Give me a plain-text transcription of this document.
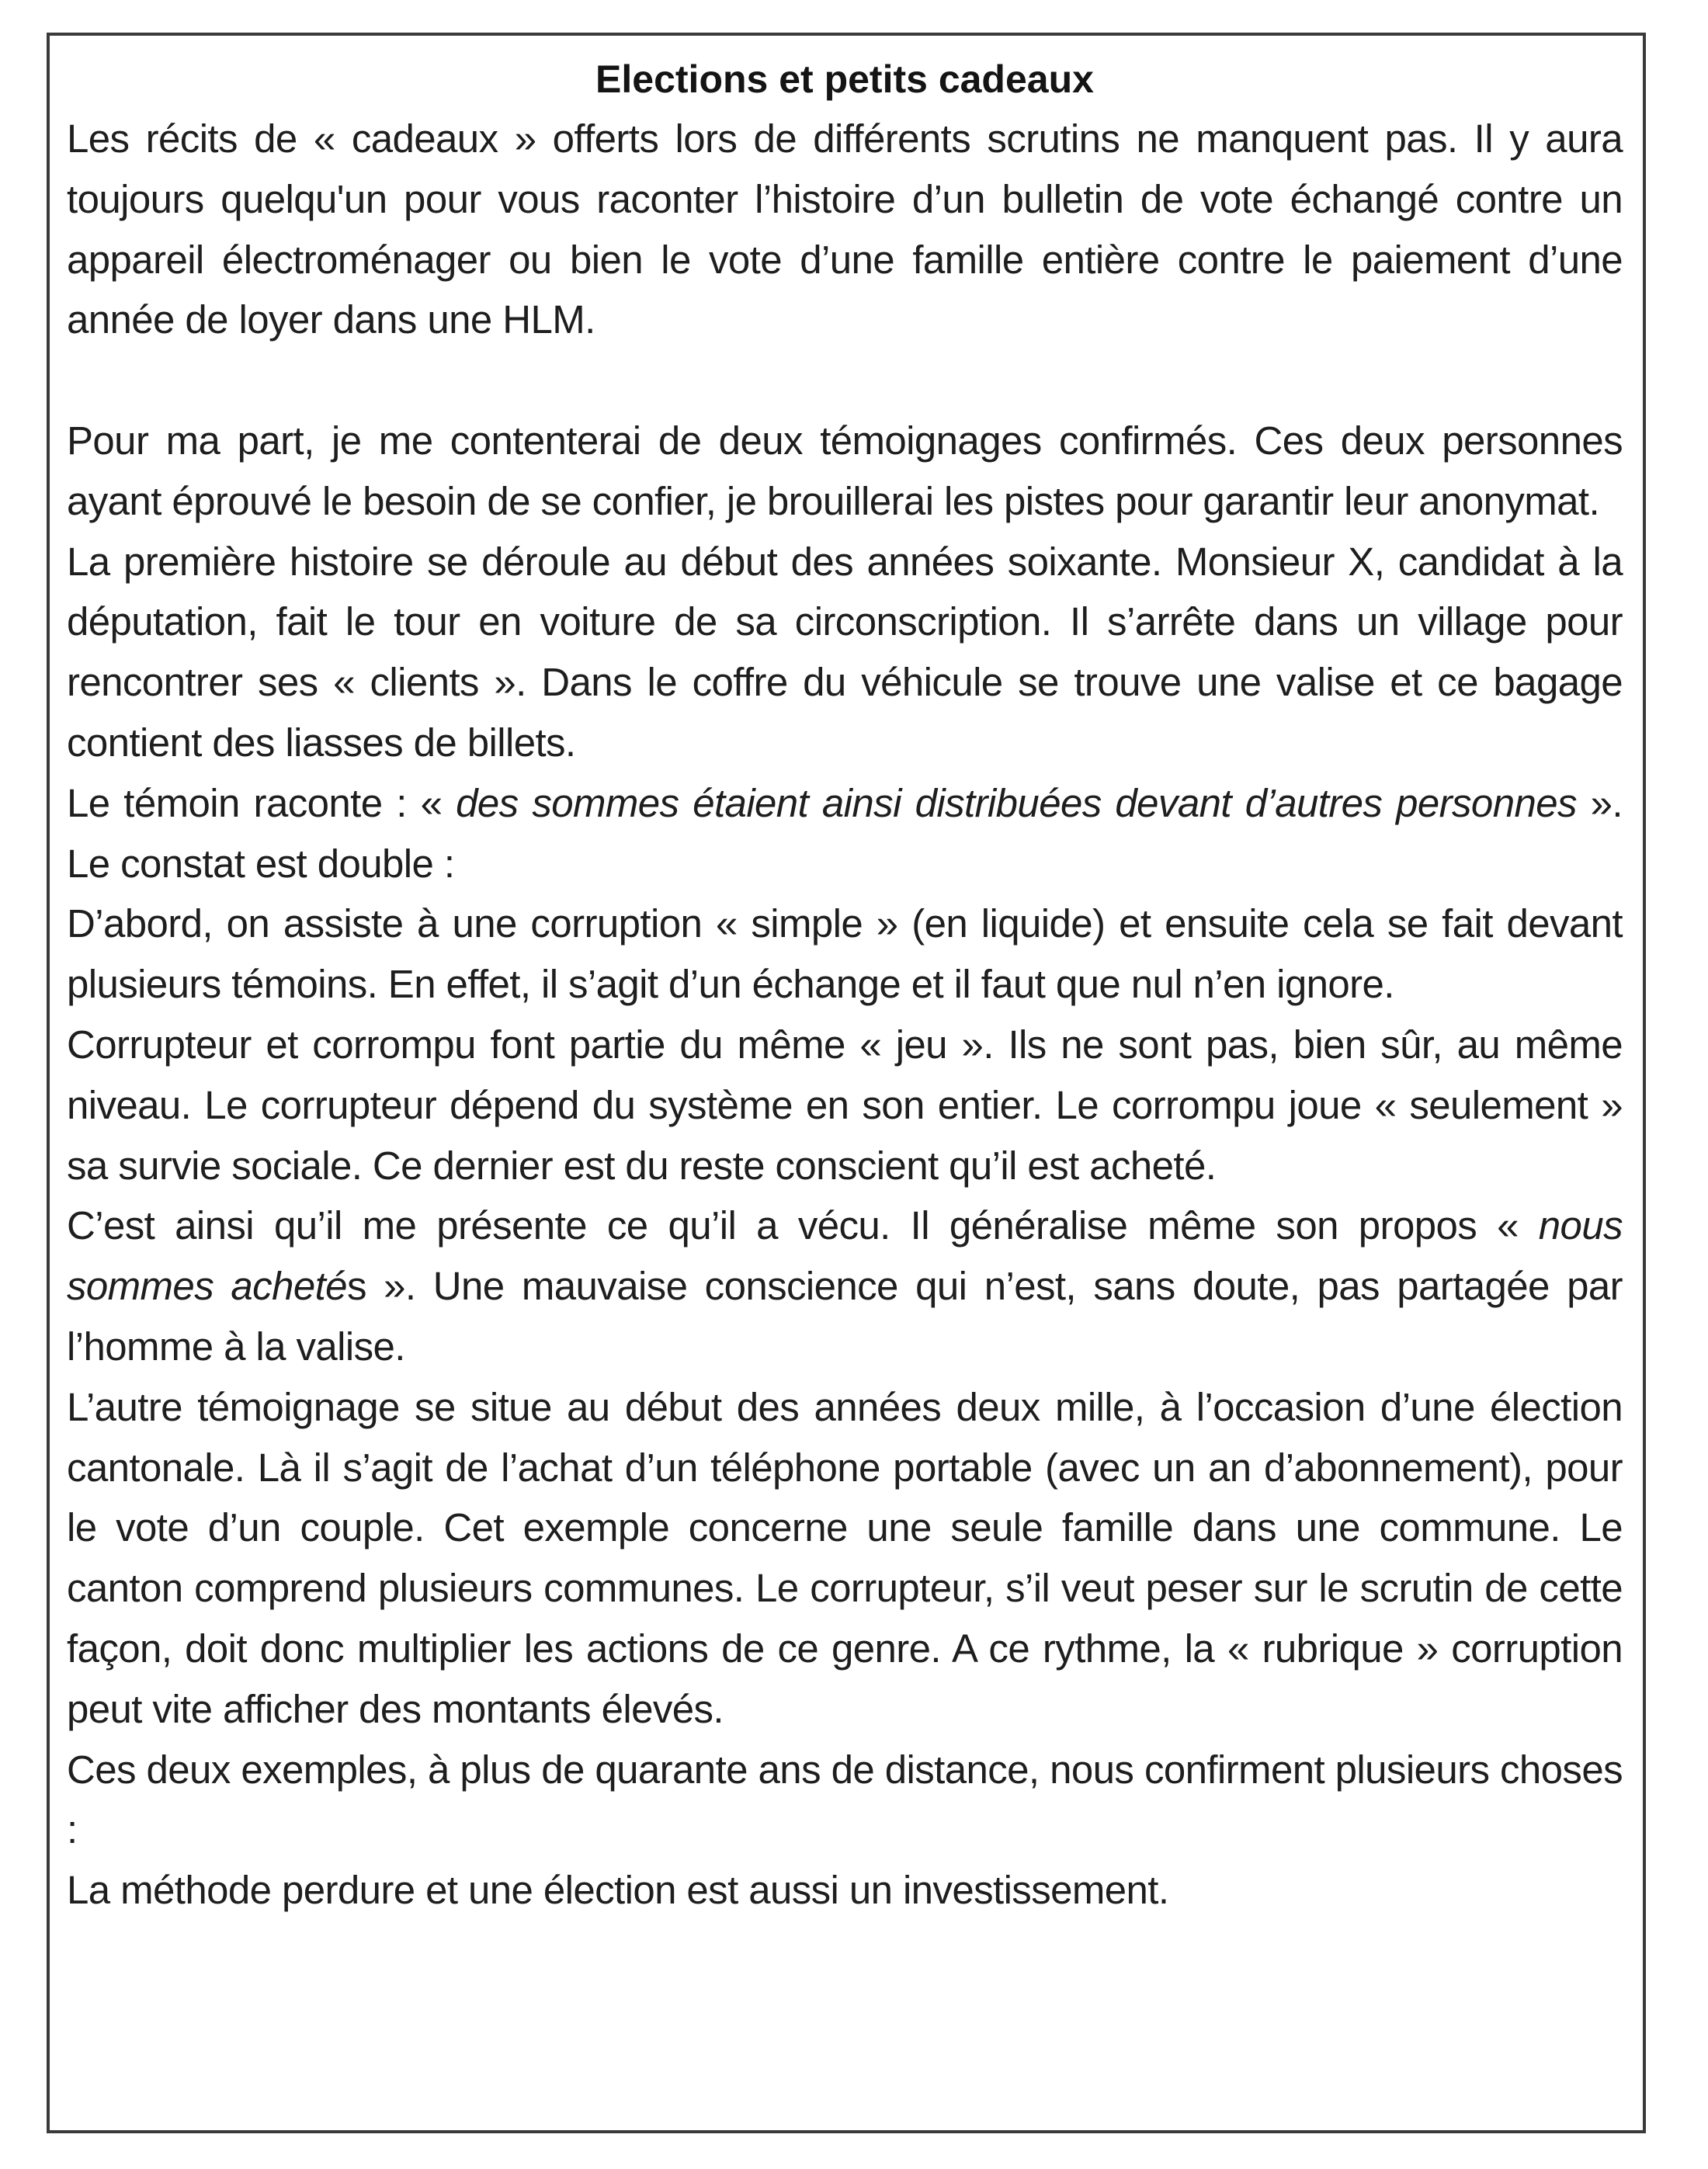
Elections et petits cadeaux

Les récits de « cadeaux » offerts lors de différents scrutins ne manquent pas. Il y aura toujours quelqu'un pour vous raconter l’histoire d’un bulletin de vote échangé contre un appareil électroménager ou bien le vote d’une famille entière contre le paiement d’une année de loyer dans une HLM.

Pour ma part, je me contenterai de deux témoignages confirmés. Ces deux personnes ayant éprouvé le besoin de se confier, je brouillerai les pistes pour garantir leur anonymat.

La première histoire se déroule au début des années soixante. Monsieur X, candidat à la députation, fait le tour en voiture de sa circonscription. Il s’arrête dans un village pour rencontrer ses « clients ». Dans le coffre du véhicule se trouve une valise et ce bagage contient des liasses de billets.

Le témoin raconte : « des sommes étaient ainsi distribuées devant d’autres personnes ». Le constat est double :

D’abord, on assiste à une corruption « simple » (en liquide) et ensuite cela se fait devant plusieurs témoins. En effet, il s’agit d’un échange et il faut que nul n’en ignore.

Corrupteur et corrompu font partie du même « jeu ». Ils ne sont pas, bien sûr, au même niveau. Le corrupteur dépend du système en son entier. Le corrompu joue « seulement » sa survie sociale. Ce dernier est du reste conscient qu’il est acheté.

C’est ainsi qu’il me présente ce qu’il a vécu. Il généralise même son propos « nous sommes achetés ». Une mauvaise conscience qui n’est, sans doute, pas partagée par l’homme à la valise.

L’autre témoignage se situe au début des années deux mille, à l’occasion d’une élection cantonale. Là il s’agit de l’achat d’un téléphone portable (avec un an d’abonnement), pour le vote d’un couple. Cet exemple concerne une seule famille dans une commune. Le canton comprend plusieurs communes. Le corrupteur, s’il veut peser sur le scrutin de cette façon, doit donc multiplier les actions de ce genre. A ce rythme, la « rubrique » corruption peut vite afficher des montants élevés.

Ces deux exemples, à plus de quarante ans de distance, nous confirment plusieurs choses :

La méthode perdure et une élection est aussi un investissement.
